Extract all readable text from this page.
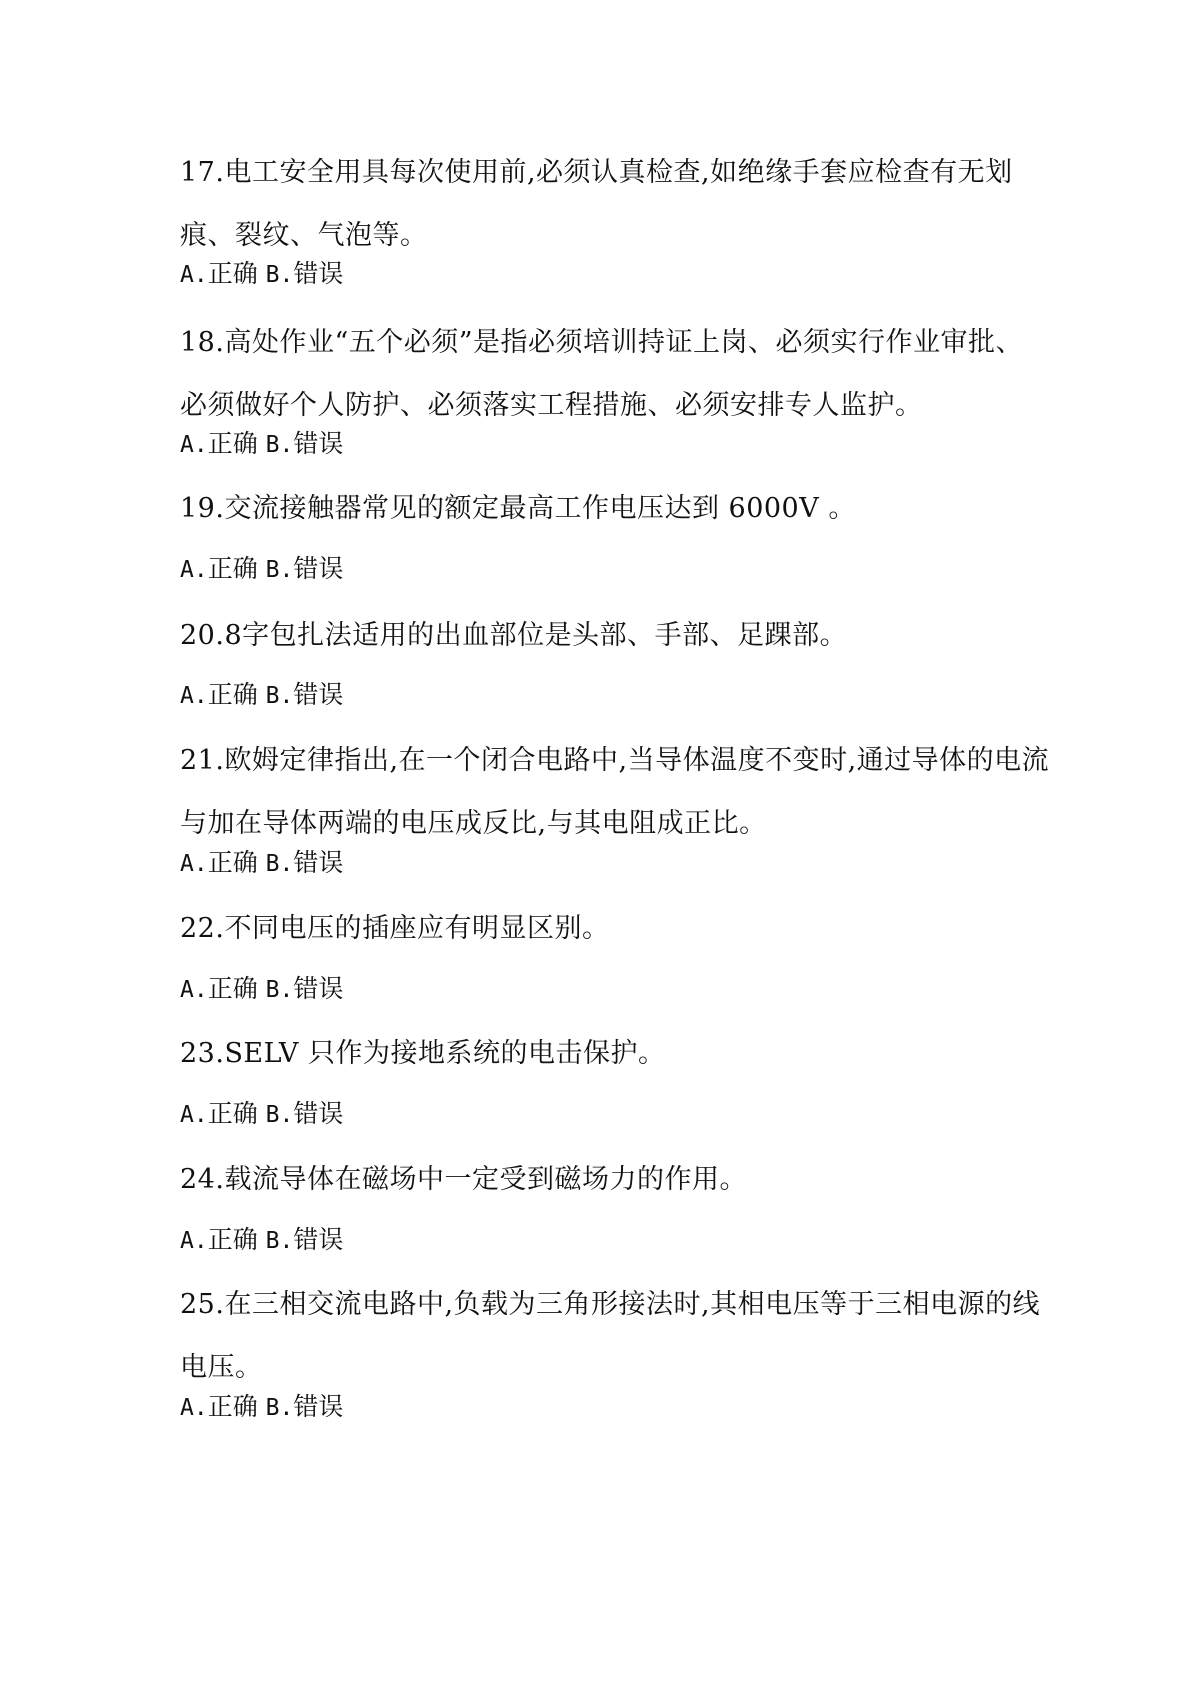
17.电工安全用具每次使用前,必须认真检查,如绝缘手套应检查有无划痕、裂纹、气泡等。

A.正确 B.错误

18.高处作业“五个必须”是指必须培训持证上岗、必须实行作业审批、必须做好个人防护、必须落实工程措施、必须安排专人监护。

A.正确 B.错误

19.交流接触器常见的额定最高工作电压达到 6000V 。

A.正确 B.错误

20.8字包扎法适用的出血部位是头部、手部、足踝部。

A.正确 B.错误

21.欧姆定律指出,在一个闭合电路中,当导体温度不变时,通过导体的电流与加在导体两端的电压成反比,与其电阻成正比。

A.正确 B.错误

22.不同电压的插座应有明显区别。

A.正确 B.错误

23.SELV 只作为接地系统的电击保护。

A.正确 B.错误

24.载流导体在磁场中一定受到磁场力的作用。

A.正确 B.错误

25.在三相交流电路中,负载为三角形接法时,其相电压等于三相电源的线电压。

A.正确 B.错误
